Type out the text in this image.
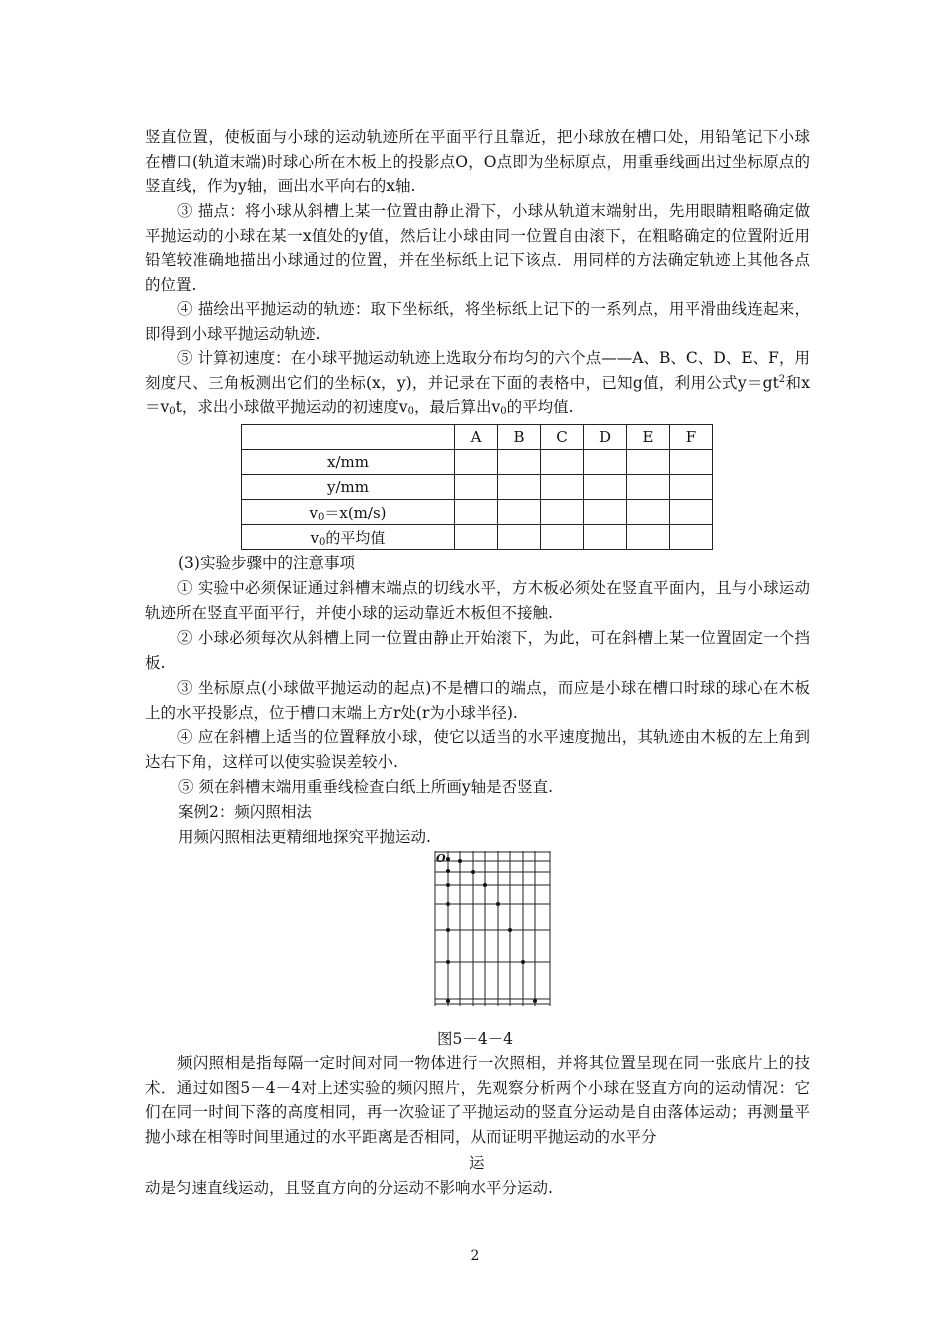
竖直位置，使板面与小球的运动轨迹所在平面平行且靠近，把小球放在槽口处，用铅笔记下小球在槽口(轨道末端)时球心所在木板上的投影点O，O点即为坐标原点，用重垂线画出过坐标原点的竖直线，作为y轴，画出水平向右的x轴.

③ 描点：将小球从斜槽上某一位置由静止滑下，小球从轨道末端射出，先用眼睛粗略确定做平抛运动的小球在某一x值处的y值，然后让小球由同一位置自由滚下，在粗略确定的位置附近用铅笔较准确地描出小球通过的位置，并在坐标纸上记下该点．用同样的方法确定轨迹上其他各点的位置.

④ 描绘出平抛运动的轨迹：取下坐标纸，将坐标纸上记下的一系列点，用平滑曲线连起来，即得到小球平抛运动轨迹.

⑤ 计算初速度：在小球平抛运动轨迹上选取分布均匀的六个点——A、B、C、D、E、F，用刻度尺、三角板测出它们的坐标(x，y)，并记录在下面的表格中，已知g值，利用公式$y=gt^2$和$x=v_0t$，求出小球做平抛运动的初速度$v_0$，最后算出$v_0$的平均值.

	A	B	C	D	E	F
x/mm						
y/mm						
$v_0=x(m/s)$						
$v_0$的平均值						
(3)实验步骤中的注意事项

① 实验中必须保证通过斜槽末端点的切线水平，方木板必须处在竖直平面内，且与小球运动轨迹所在竖直平面平行，并使小球的运动靠近木板但不接触.

② 小球必须每次从斜槽上同一位置由静止开始滚下，为此，可在斜槽上某一位置固定一个挡板.

③ 坐标原点(小球做平抛运动的起点)不是槽口的端点，而应是小球在槽口时球的球心在木板上的水平投影点，位于槽口末端上方r处(r为小球半径).

④ 应在斜槽上适当的位置释放小球，使它以适当的水平速度抛出，其轨迹由木板的左上角到达右下角，这样可以使实验误差较小.

⑤ 须在斜槽末端用重垂线检查白纸上所画y轴是否竖直.
案例2：频闪照相法
用频闪照相法更精细地探究平抛运动.
O
图5－4－4

频闪照相是指每隔一定时间对同一物体进行一次照相，并将其位置呈现在同一张底片上的技术．通过如图5－4－4对上述实验的频闪照片，先观察分析两个小球在竖直方向的运动情况：它们在同一时间下落的高度相同，再一次验证了平抛运动的竖直分运动是自由落体运动；再测量平抛小球在相等时间里通过的水平距离是否相同，从而证明平抛运动的水平分

运
动是匀速直线运动，且竖直方向的分运动不影响水平分运动.
2
